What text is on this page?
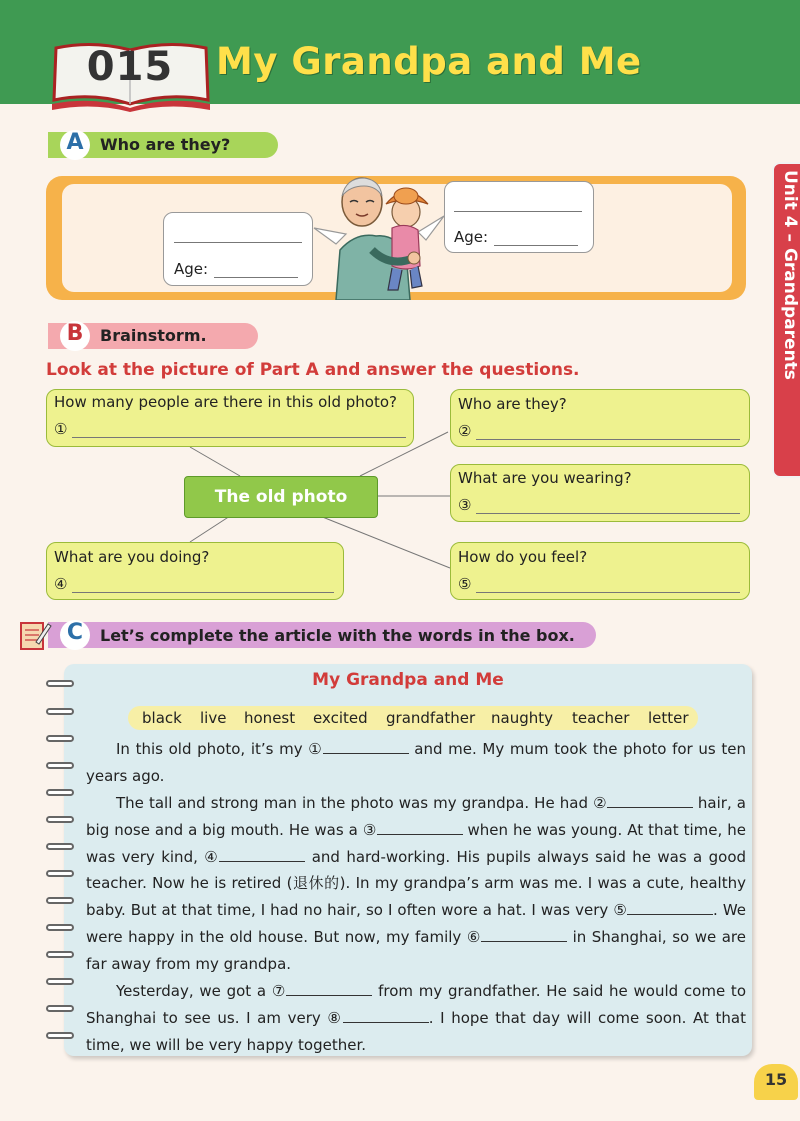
015	My Grandpa and Me
Unit 4 – Grandparents
A	Who are they?
Age:
Age:
B	Brainstorm.
Look at the picture of Part A and answer the questions.
How many people are there in this old photo?
①
Who are they?
②
What are you wearing?
③
The old photo
What are you doing?
④
How do you feel?
⑤
C	Let’s complete the article with the words in the box.
My Grandpa and Me
black live honest excited grandfather naughty teacher letter
In this old photo, it’s my ①	and me. My mum took the photo for us ten years ago.
The tall and strong man in the photo was my grandpa. He had ②	hair, a big nose and a big mouth. He was a ③	when he was young. At that time, he was very kind, ④	and hard-working. His pupils always said he was a good teacher. Now he is retired (退休的). In my grandpa’s arm was me. I was a cute, healthy baby. But at that time, I had no hair, so I often wore a hat. I was very ⑤	. We were happy in the old house. But now, my family ⑥	in Shanghai, so we are far away from my grandpa.
Yesterday, we got a ⑦	from my grandfather. He said he would come to Shanghai to see us. I am very ⑧	. I hope that day will come soon. At that time, we will be very happy together.
15
